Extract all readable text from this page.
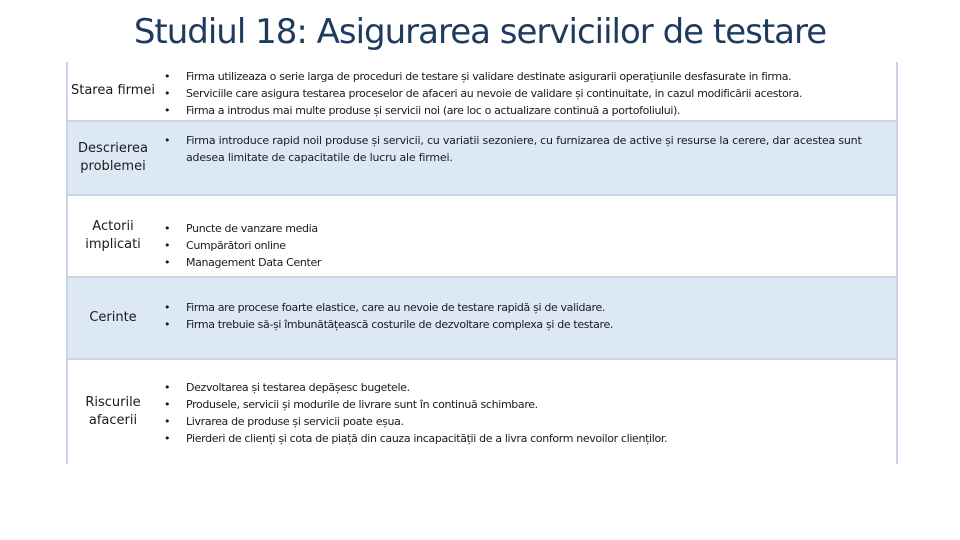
Studiul 18: Asigurarea serviciilor de testare
Starea firmei
•	Firma utilizeaza o serie larga de proceduri de testare și validare destinate asigurarii operațiunile desfasurate in firma.
•	Serviciile care asigura testarea proceselor de afaceri au nevoie de validare și continuitate, in cazul modificării acestora.
•	Firma a introdus mai multe produse și servicii noi (are loc o actualizare continuă a portofoliului).
Descrierea problemei
•	Firma introduce rapid noil produse și servicii, cu variatii sezoniere, cu furnizarea de active și resurse la cerere, dar acestea sunt adesea limitate de capacitatile de lucru ale firmei.
Actorii implicati
•	Puncte de vanzare media
•	Cumpărători online
•	Management Data Center
Cerinte
•	Firma are procese foarte elastice, care au nevoie de testare rapidă și de validare.
•	Firma trebuie să-și îmbunătățească costurile de dezvoltare complexa și de testare.
Riscurile afacerii
•	Dezvoltarea și testarea depășesc bugetele.
•	Produsele, servicii și modurile de livrare sunt în continuă schimbare.
•	Livrarea de produse și servicii poate eșua.
•	Pierderi de clienți și cota de piață din cauza incapacității de a livra conform nevoilor clienților.
